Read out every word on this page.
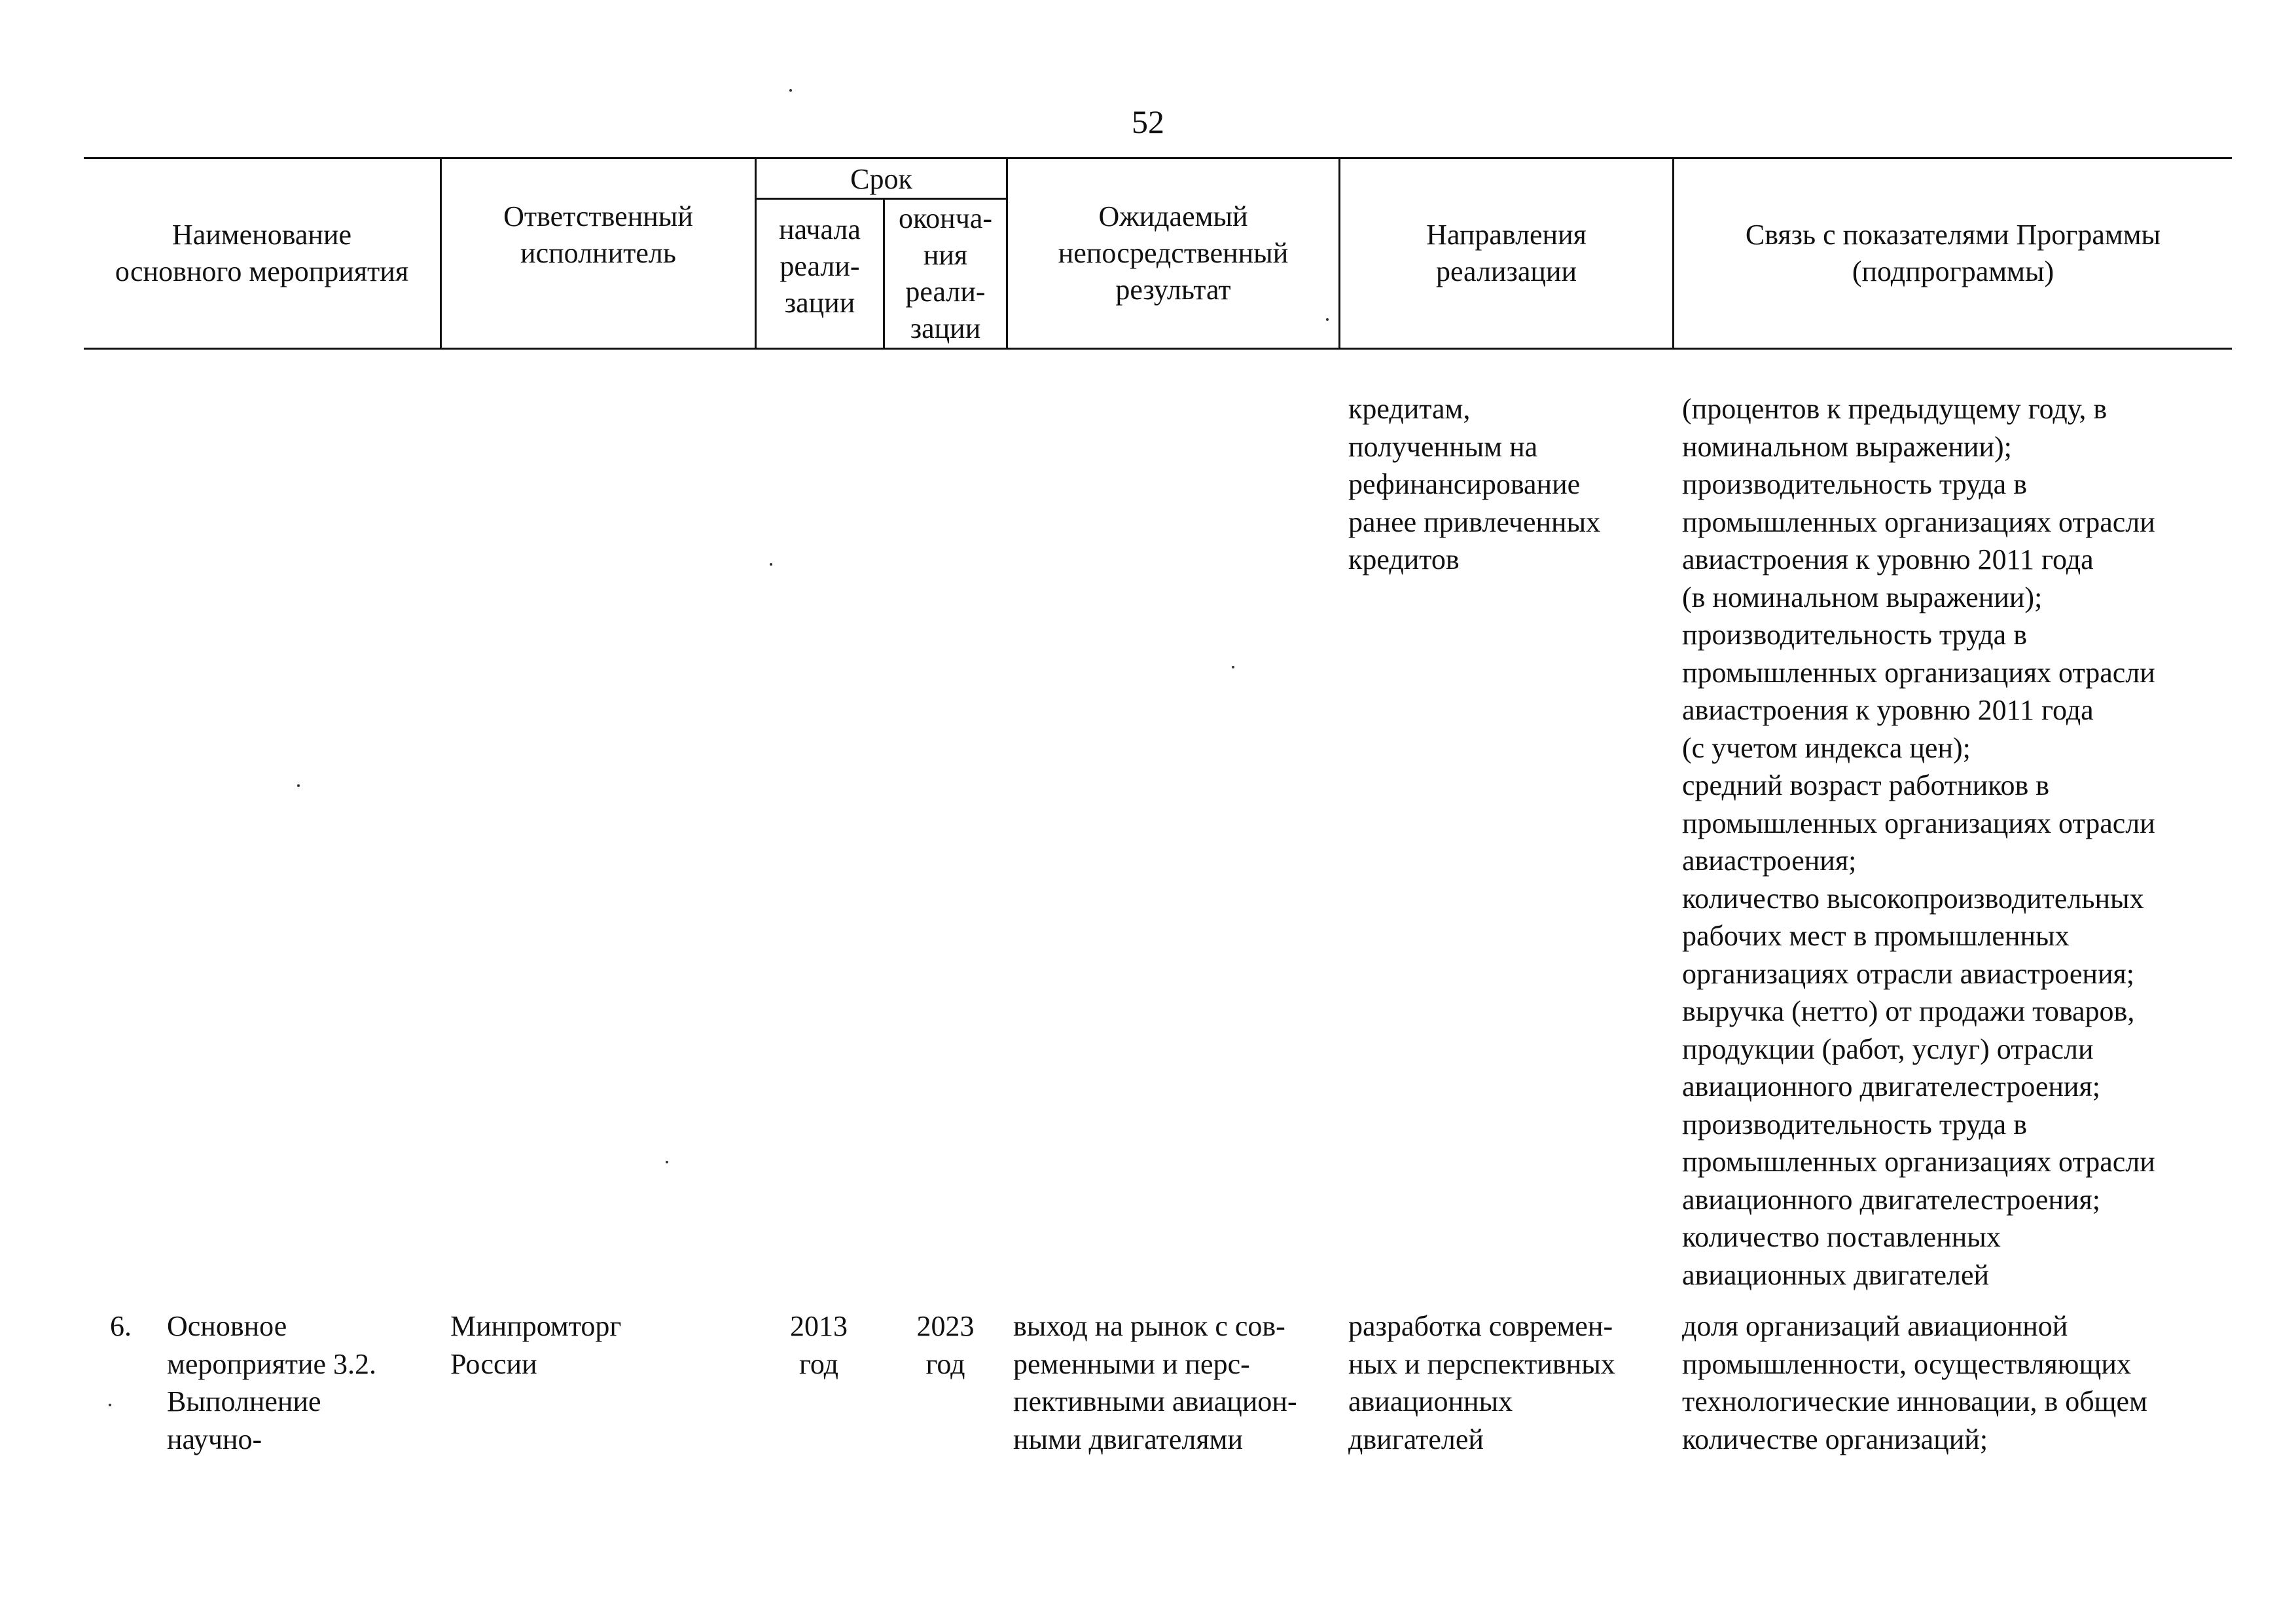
52
Наименование
основного мероприятия
Ответственный
исполнитель
Срок
начала
реали-
зации
оконча-
ния
реали-
зации
Ожидаемый
непосредственный
результат
Направления
реализации
Связь с показателями Программы
(подпрограммы)
кредитам,
полученным на
рефинансирование
ранее привлеченных
кредитов
(процентов к предыдущему году, в
номинальном выражении);
производительность труда в
промышленных организациях отрасли
авиастроения к уровню 2011 года
(в номинальном выражении);
производительность труда в
промышленных организациях отрасли
авиастроения к уровню 2011 года
(с учетом индекса цен);
средний возраст работников в
промышленных организациях отрасли
авиастроения;
количество высокопроизводительных
рабочих мест в промышленных
организациях отрасли авиастроения;
выручка (нетто) от продажи товаров,
продукции (работ, услуг) отрасли
авиационного двигателестроения;
производительность труда в
промышленных организациях отрасли
авиационного двигателестроения;
количество поставленных
авиационных двигателей
6.	Основное
мероприятие 3.2.
Выполнение
научно-
Минпромторг
России
2013
год
2023
год
выход на рынок с сов-
ременными и перс-
пективными авиацион-
ными двигателями
разработка современ-
ных и перспективных
авиационных
двигателей
доля организаций авиационной
промышленности, осуществляющих
технологические инновации, в общем
количестве организаций;
